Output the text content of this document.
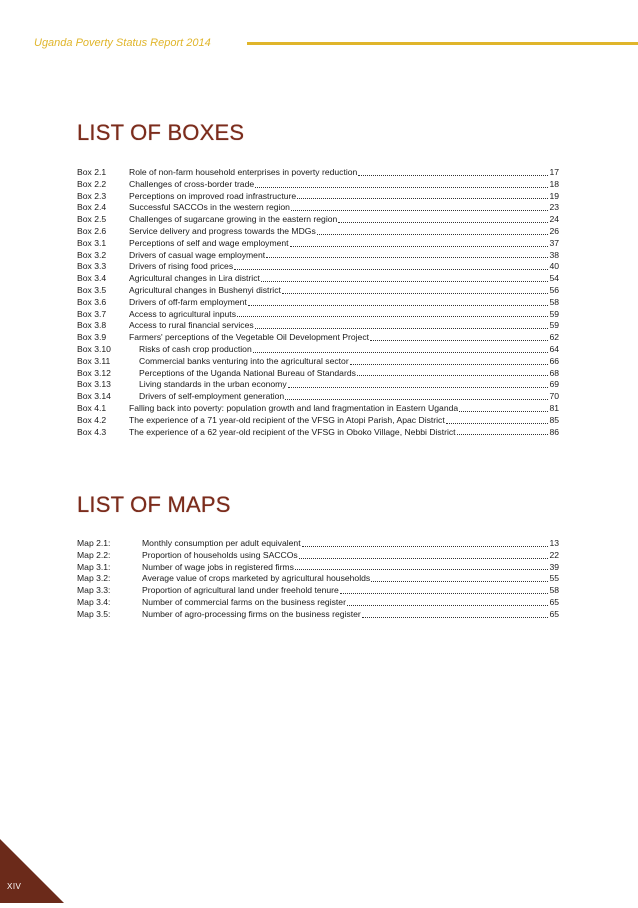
Uganda Poverty Status Report 2014
LIST OF BOXES
Box 2.1	Role of non-farm household enterprises in poverty reduction	17
Box 2.2	Challenges of cross-border trade	18
Box 2.3	Perceptions on improved road infrastructure	19
Box 2.4	Successful SACCOs in the western region	23
Box 2.5	Challenges of sugarcane growing in the eastern region	24
Box 2.6	Service delivery and progress towards the MDGs	26
Box 3.1	Perceptions of self and wage employment	37
Box 3.2	Drivers of casual wage employment	38
Box 3.3	Drivers of rising food prices	40
Box 3.4	Agricultural changes in Lira district	54
Box 3.5	Agricultural changes in Bushenyi district	56
Box 3.6	Drivers of off-farm employment	58
Box 3.7	Access to agricultural inputs	59
Box 3.8	Access to rural financial services	59
Box 3.9	Farmers' perceptions of the Vegetable Oil Development Project	62
Box 3.10	Risks of cash crop production	64
Box 3.11	Commercial banks venturing into the agricultural sector	66
Box 3.12	Perceptions of the Uganda National Bureau of Standards	68
Box 3.13	Living standards in the urban economy	69
Box 3.14	Drivers of self-employment generation	70
Box 4.1	Falling back into poverty: population growth and land fragmentation in Eastern Uganda	81
Box 4.2	The experience of a 71 year-old recipient of the VFSG in Atopi Parish, Apac District	85
Box 4.3	The experience of a 62 year-old recipient of the VFSG in Oboko Village, Nebbi District	86
LIST OF MAPS
Map 2.1:	Monthly consumption per adult equivalent	13
Map 2.2:	Proportion of households using SACCOs	22
Map 3.1:	Number of wage jobs in registered firms	39
Map 3.2:	Average value of crops marketed by agricultural households	55
Map 3.3:	Proportion of agricultural land under freehold tenure	58
Map 3.4:	Number of commercial farms on the business register	65
Map 3.5:	Number of agro-processing firms on the business register	65
XIV
